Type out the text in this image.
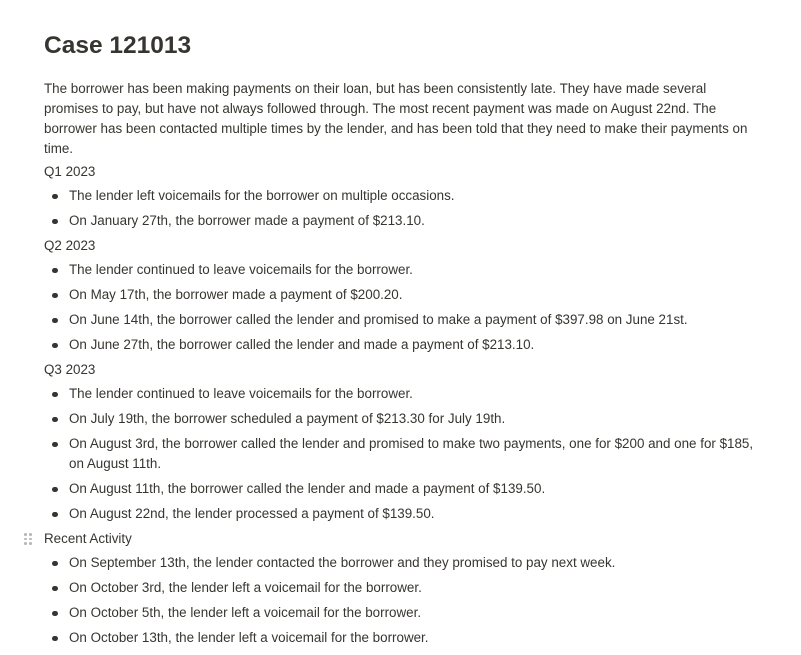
Case 121013

The borrower has been making payments on their loan, but has been consistently late. They have made several promises to pay, but have not always followed through. The most recent payment was made on August 22nd. The borrower has been contacted multiple times by the lender, and has been told that they need to make their payments on time.

Q1 2023
The lender left voicemails for the borrower on multiple occasions.
On January 27th, the borrower made a payment of $213.10.
Q2 2023
The lender continued to leave voicemails for the borrower.
On May 17th, the borrower made a payment of $200.20.
On June 14th, the borrower called the lender and promised to make a payment of $397.98 on June 21st.
On June 27th, the borrower called the lender and made a payment of $213.10.
Q3 2023
The lender continued to leave voicemails for the borrower.
On July 19th, the borrower scheduled a payment of $213.30 for July 19th.
On August 3rd, the borrower called the lender and promised to make two payments, one for $200 and one for $185, on August 11th.
On August 11th, the borrower called the lender and made a payment of $139.50.
On August 22nd, the lender processed a payment of $139.50.
Recent Activity
On September 13th, the lender contacted the borrower and they promised to pay next week.
On October 3rd, the lender left a voicemail for the borrower.
On October 5th, the lender left a voicemail for the borrower.
On October 13th, the lender left a voicemail for the borrower.
